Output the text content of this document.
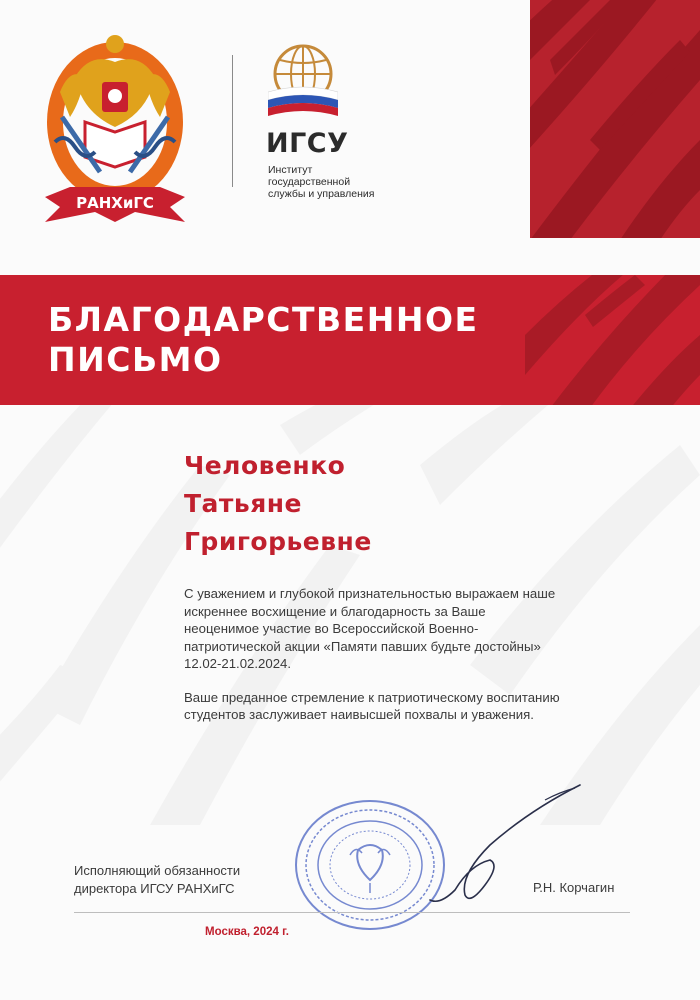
БЛАГОДАРСТВЕННОЕ
ПИСЬМО
РАНХиГС
ИГСУ
Институт
государственной
службы и управления
Человенко
Татьяне
Григорьевне

С уважением и глубокой признательностью выражаем наше искреннее восхищение и благодарность за Ваше неоценимое участие во Всероссийской Военно-патриотической акции «Памяти павших будьте достойны» 12.02-21.02.2024.

Ваше преданное стремление к патриотическому воспитанию студентов заслуживает наивысшей похвалы и уважения.

Исполняющий обязанности
директора ИГСУ РАНХиГС	Р.Н. Корчагин
Москва, 2024 г.
